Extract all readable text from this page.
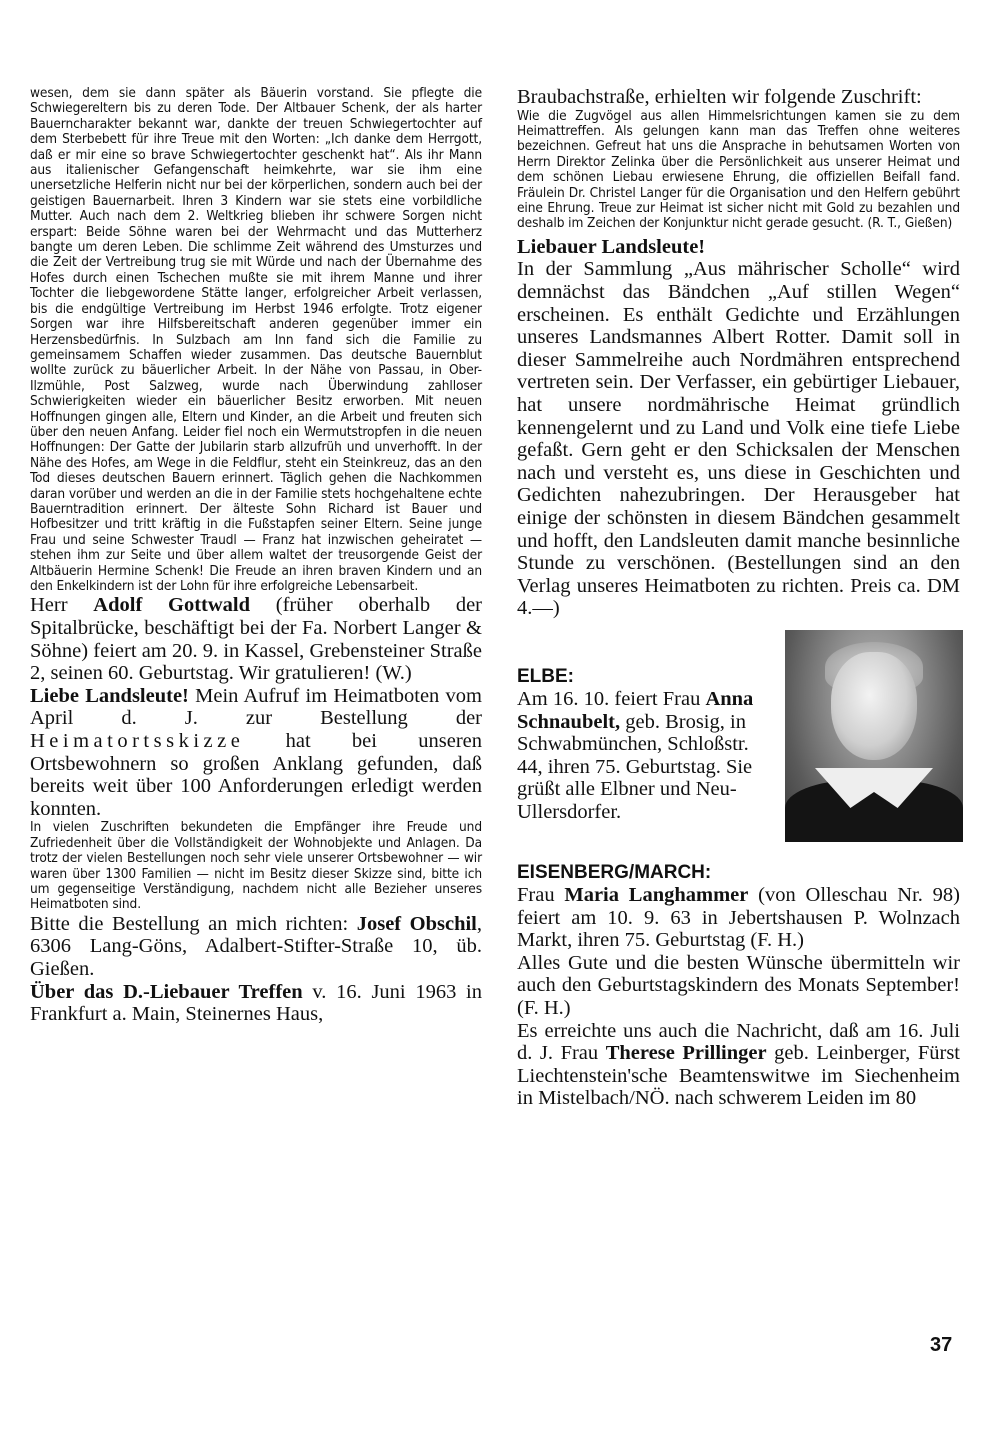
wesen, dem sie dann später als Bäuerin vorstand. Sie pflegte die Schwiegereltern bis zu deren Tode. Der Altbauer Schenk, der als harter Bauerncharakter bekannt war, dankte der treuen Schwiegertochter auf dem Sterbebett für ihre Treue mit den Worten: „Ich danke dem Herrgott, daß er mir eine so brave Schwiegertochter geschenkt hat“. Als ihr Mann aus italienischer Gefangenschaft heimkehrte, war sie ihm eine unersetzliche Helferin nicht nur bei der körperlichen, sondern auch bei der geistigen Bauernarbeit. Ihren 3 Kindern war sie stets eine vorbildliche Mutter. Auch nach dem 2. Weltkrieg blieben ihr schwere Sorgen nicht erspart: Beide Söhne waren bei der Wehrmacht und das Mutterherz bangte um deren Leben. Die schlimme Zeit während des Umsturzes und die Zeit der Vertreibung trug sie mit Würde und nach der Übernahme des Hofes durch einen Tschechen mußte sie mit ihrem Manne und ihrer Tochter die liebgewordene Stätte langer, erfolgreicher Arbeit verlassen, bis die endgültige Vertreibung im Herbst 1946 erfolgte. Trotz eigener Sorgen war ihre Hilfsbereitschaft anderen gegenüber immer ein Herzensbedürfnis. In Sulzbach am Inn fand sich die Familie zu gemeinsamem Schaffen wieder zusammen. Das deutsche Bauernblut wollte zurück zu bäuerlicher Arbeit. In der Nähe von Passau, in Ober-Ilzmühle, Post Salzweg, wurde nach Überwindung zahlloser Schwierigkeiten wieder ein bäuerlicher Besitz erworben. Mit neuen Hoffnungen gingen alle, Eltern und Kinder, an die Arbeit und freuten sich über den neuen Anfang. Leider fiel noch ein Wermutstropfen in die neuen Hoffnungen: Der Gatte der Jubilarin starb allzufrüh und unverhofft. In der Nähe des Hofes, am Wege in die Feldflur, steht ein Steinkreuz, das an den Tod dieses deutschen Bauern erinnert. Täglich gehen die Nachkommen daran vorüber und werden an die in der Familie stets hochgehaltene echte Bauerntradition erinnert. Der älteste Sohn Richard ist Bauer und Hofbesitzer und tritt kräftig in die Fußstapfen seiner Eltern. Seine junge Frau und seine Schwester Traudl — Franz hat inzwischen geheiratet — stehen ihm zur Seite und über allem waltet der treusorgende Geist der Altbäuerin Hermine Schenk! Die Freude an ihren braven Kindern und an den Enkelkindern ist der Lohn für ihre erfolgreiche Lebensarbeit.

Herr Adolf Gottwald (früher oberhalb der Spitalbrücke, beschäftigt bei der Fa. Norbert Langer & Söhne) feiert am 20. 9. in Kassel, Grebensteiner Straße 2, seinen 60. Geburtstag. Wir gratulieren! (W.)

Liebe Landsleute! Mein Aufruf im Heimatboten vom April d. J. zur Bestellung der Heimatortsskizze hat bei unseren Ortsbewohnern so großen Anklang gefunden, daß bereits weit über 100 Anforderungen erledigt werden konnten.

In vielen Zuschriften bekundeten die Empfänger ihre Freude und Zufriedenheit über die Vollständigkeit der Wohnobjekte und Anlagen. Da trotz der vielen Bestellungen noch sehr viele unserer Ortsbewohner — wir waren über 1300 Familien — nicht im Besitz dieser Skizze sind, bitte ich um gegenseitige Verständigung, nachdem nicht alle Bezieher unseres Heimatboten sind.

Bitte die Bestellung an mich richten: Josef Obschil, 6306 Lang-Göns, Adalbert-Stifter-Straße 10, üb. Gießen.

Über das D.-Liebauer Treffen v. 16. Juni 1963 in Frankfurt a. Main, Steinernes Haus,

Braubachstraße, erhielten wir folgende Zuschrift:

Wie die Zugvögel aus allen Himmelsrichtungen kamen sie zu dem Heimattreffen. Als gelungen kann man das Treffen ohne weiteres bezeichnen. Gefreut hat uns die Ansprache in behutsamen Worten von Herrn Direktor Zelinka über die Persönlichkeit aus unserer Heimat und dem schönen Liebau erwiesene Ehrung, die offiziellen Beifall fand. Fräulein Dr. Christel Langer für die Organisation und den Helfern gebührt eine Ehrung. Treue zur Heimat ist sicher nicht mit Gold zu bezahlen und deshalb im Zeichen der Konjunktur nicht gerade gesucht. (R. T., Gießen)

Liebauer Landsleute!

In der Sammlung „Aus mährischer Scholle“ wird demnächst das Bändchen „Auf stillen Wegen“ erscheinen. Es enthält Gedichte und Erzählungen unseres Landsmannes Albert Rotter. Damit soll in dieser Sammelreihe auch Nordmähren entsprechend vertreten sein. Der Verfasser, ein gebürtiger Liebauer, hat unsere nordmährische Heimat gründlich kennengelernt und zu Land und Volk eine tiefe Liebe gefaßt. Gern geht er den Schicksalen der Menschen nach und versteht es, uns diese in Geschichten und Gedichten nahezubringen. Der Herausgeber hat einige der schönsten in diesem Bändchen gesammelt und hofft, den Landsleuten damit manche besinnliche Stunde zu verschönen. (Bestellungen sind an den Verlag unseres Heimatboten zu richten. Preis ca. DM 4.—)

ELBE:

Am 16. 10. feiert Frau Anna Schnaubelt, geb. Brosig, in Schwabmünchen, Schloßstr. 44, ihren 75. Geburtstag. Sie grüßt alle Elbner und Neu-Ullersdorfer.

EISENBERG/MARCH:

Frau Maria Langhammer (von Olleschau Nr. 98) feiert am 10. 9. 63 in Jebertshausen P. Wolnzach Markt, ihren 75. Geburtstag (F. H.)

Alles Gute und die besten Wünsche übermitteln wir auch den Geburtstagskindern des Monats September! (F. H.)

Es erreichte uns auch die Nachricht, daß am 16. Juli d. J. Frau Therese Prillinger geb. Leinberger, Fürst Liechtenstein'sche Beamtenswitwe im Siechenheim in Mistelbach/NÖ. nach schwerem Leiden im 80

37
